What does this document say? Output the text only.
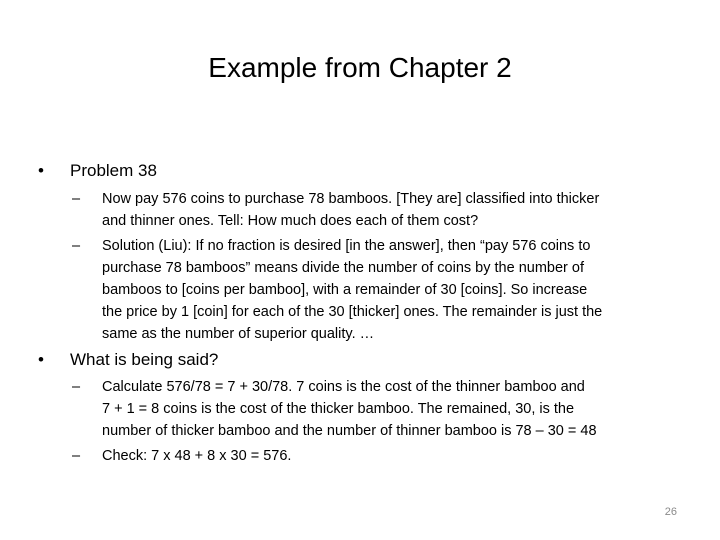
Example from Chapter 2
• Problem 38
–	Now pay 576 coins to purchase 78 bamboos. [They are] classified into thicker
and thinner ones. Tell: How much does each of them cost?
–	Solution (Liu): If no fraction is desired [in the answer], then “pay 576 coins to
purchase 78 bamboos” means divide the number of coins by the number of
bamboos to [coins per bamboo], with a remainder of 30 [coins]. So increase
the price by 1 [coin] for each of the 30 [thicker] ones. The remainder is just the
same as the number of superior quality. …
• What is being said?
–	Calculate 576/78 = 7 + 30/78. 7 coins is the cost of the thinner bamboo and
7 + 1 = 8 coins is the cost of the thicker bamboo. The remained, 30, is the
number of thicker bamboo and the number of thinner bamboo is 78 – 30 = 48
–	Check: 7 x 48 + 8 x 30 = 576.
26
